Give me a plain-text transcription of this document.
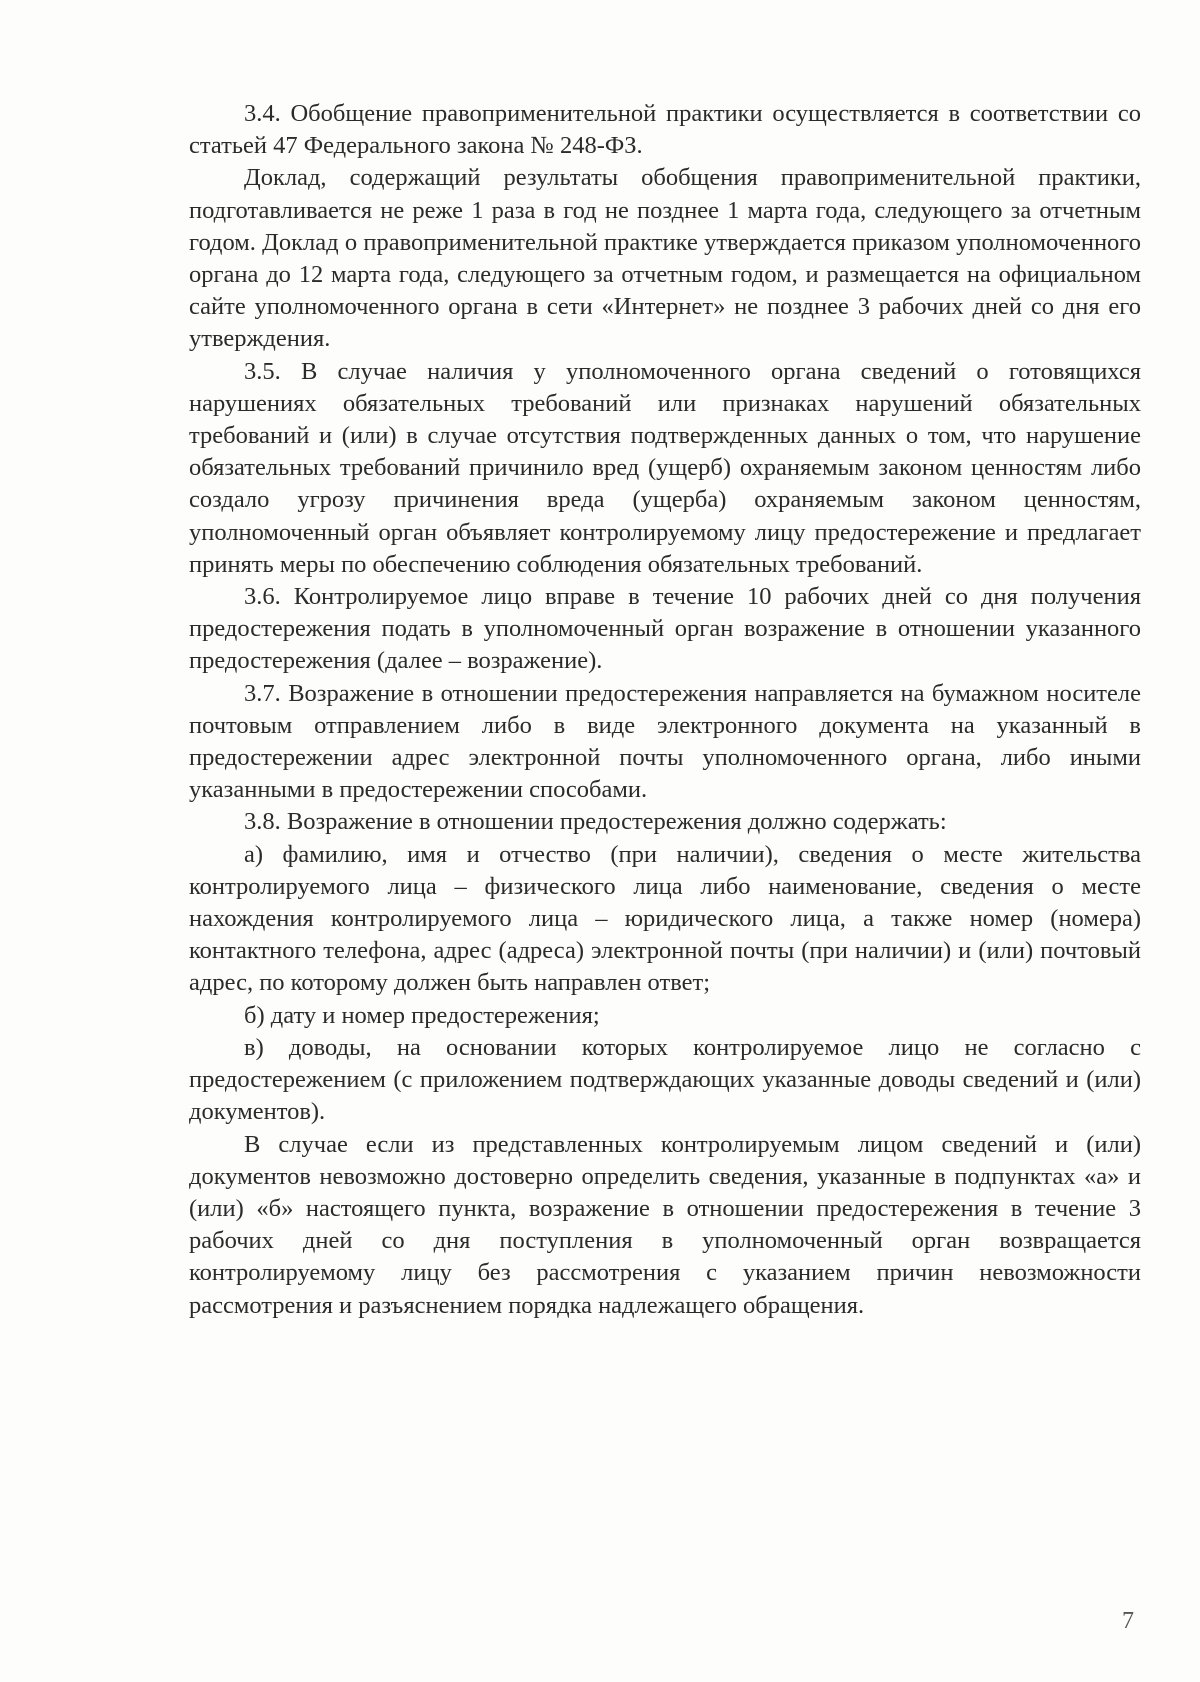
3.4. Обобщение правоприменительной практики осуществляется в соответствии со статьей 47 Федерального закона № 248-ФЗ.

Доклад, содержащий результаты обобщения правоприменительной практики, подготавливается не реже 1 раза в год не позднее 1 марта года, следующего за отчетным годом. Доклад о правоприменительной практике утверждается приказом уполномоченного органа до 12 марта года, следующего за отчетным годом, и размещается на официальном сайте уполномоченного органа в сети «Интернет» не позднее 3 рабочих дней со дня его утверждения.

3.5. В случае наличия у уполномоченного органа сведений о готовящихся нарушениях обязательных требований или признаках нарушений обязательных требований и (или) в случае отсутствия подтвержденных данных о том, что нарушение обязательных требований причинило вред (ущерб) охраняемым законом ценностям либо создало угрозу причинения вреда (ущерба) охраняемым законом ценностям, уполномоченный орган объявляет контролируемому лицу предостережение и предлагает принять меры по обеспечению соблюдения обязательных требований.

3.6. Контролируемое лицо вправе в течение 10 рабочих дней со дня получения предостережения подать в уполномоченный орган возражение в отношении указанного предостережения (далее – возражение).

3.7. Возражение в отношении предостережения направляется на бумажном носителе почтовым отправлением либо в виде электронного документа на указанный в предостережении адрес электронной почты уполномоченного органа, либо иными указанными в предостережении способами.

3.8. Возражение в отношении предостережения должно содержать:

а) фамилию, имя и отчество (при наличии), сведения о месте жительства контролируемого лица – физического лица либо наименование, сведения о месте нахождения контролируемого лица – юридического лица, а также номер (номера) контактного телефона, адрес (адреса) электронной почты (при наличии) и (или) почтовый адрес, по которому должен быть направлен ответ;

б) дату и номер предостережения;

в) доводы, на основании которых контролируемое лицо не согласно с предостережением (с приложением подтверждающих указанные доводы сведений и (или) документов).

В случае если из представленных контролируемым лицом сведений и (или) документов невозможно достоверно определить сведения, указанные в подпунктах «а» и (или) «б» настоящего пункта, возражение в отношении предостережения в течение 3 рабочих дней со дня поступления в уполномоченный орган возвращается контролируемому лицу без рассмотрения с указанием причин невозможности рассмотрения и разъяснением порядка надлежащего обращения.

7
